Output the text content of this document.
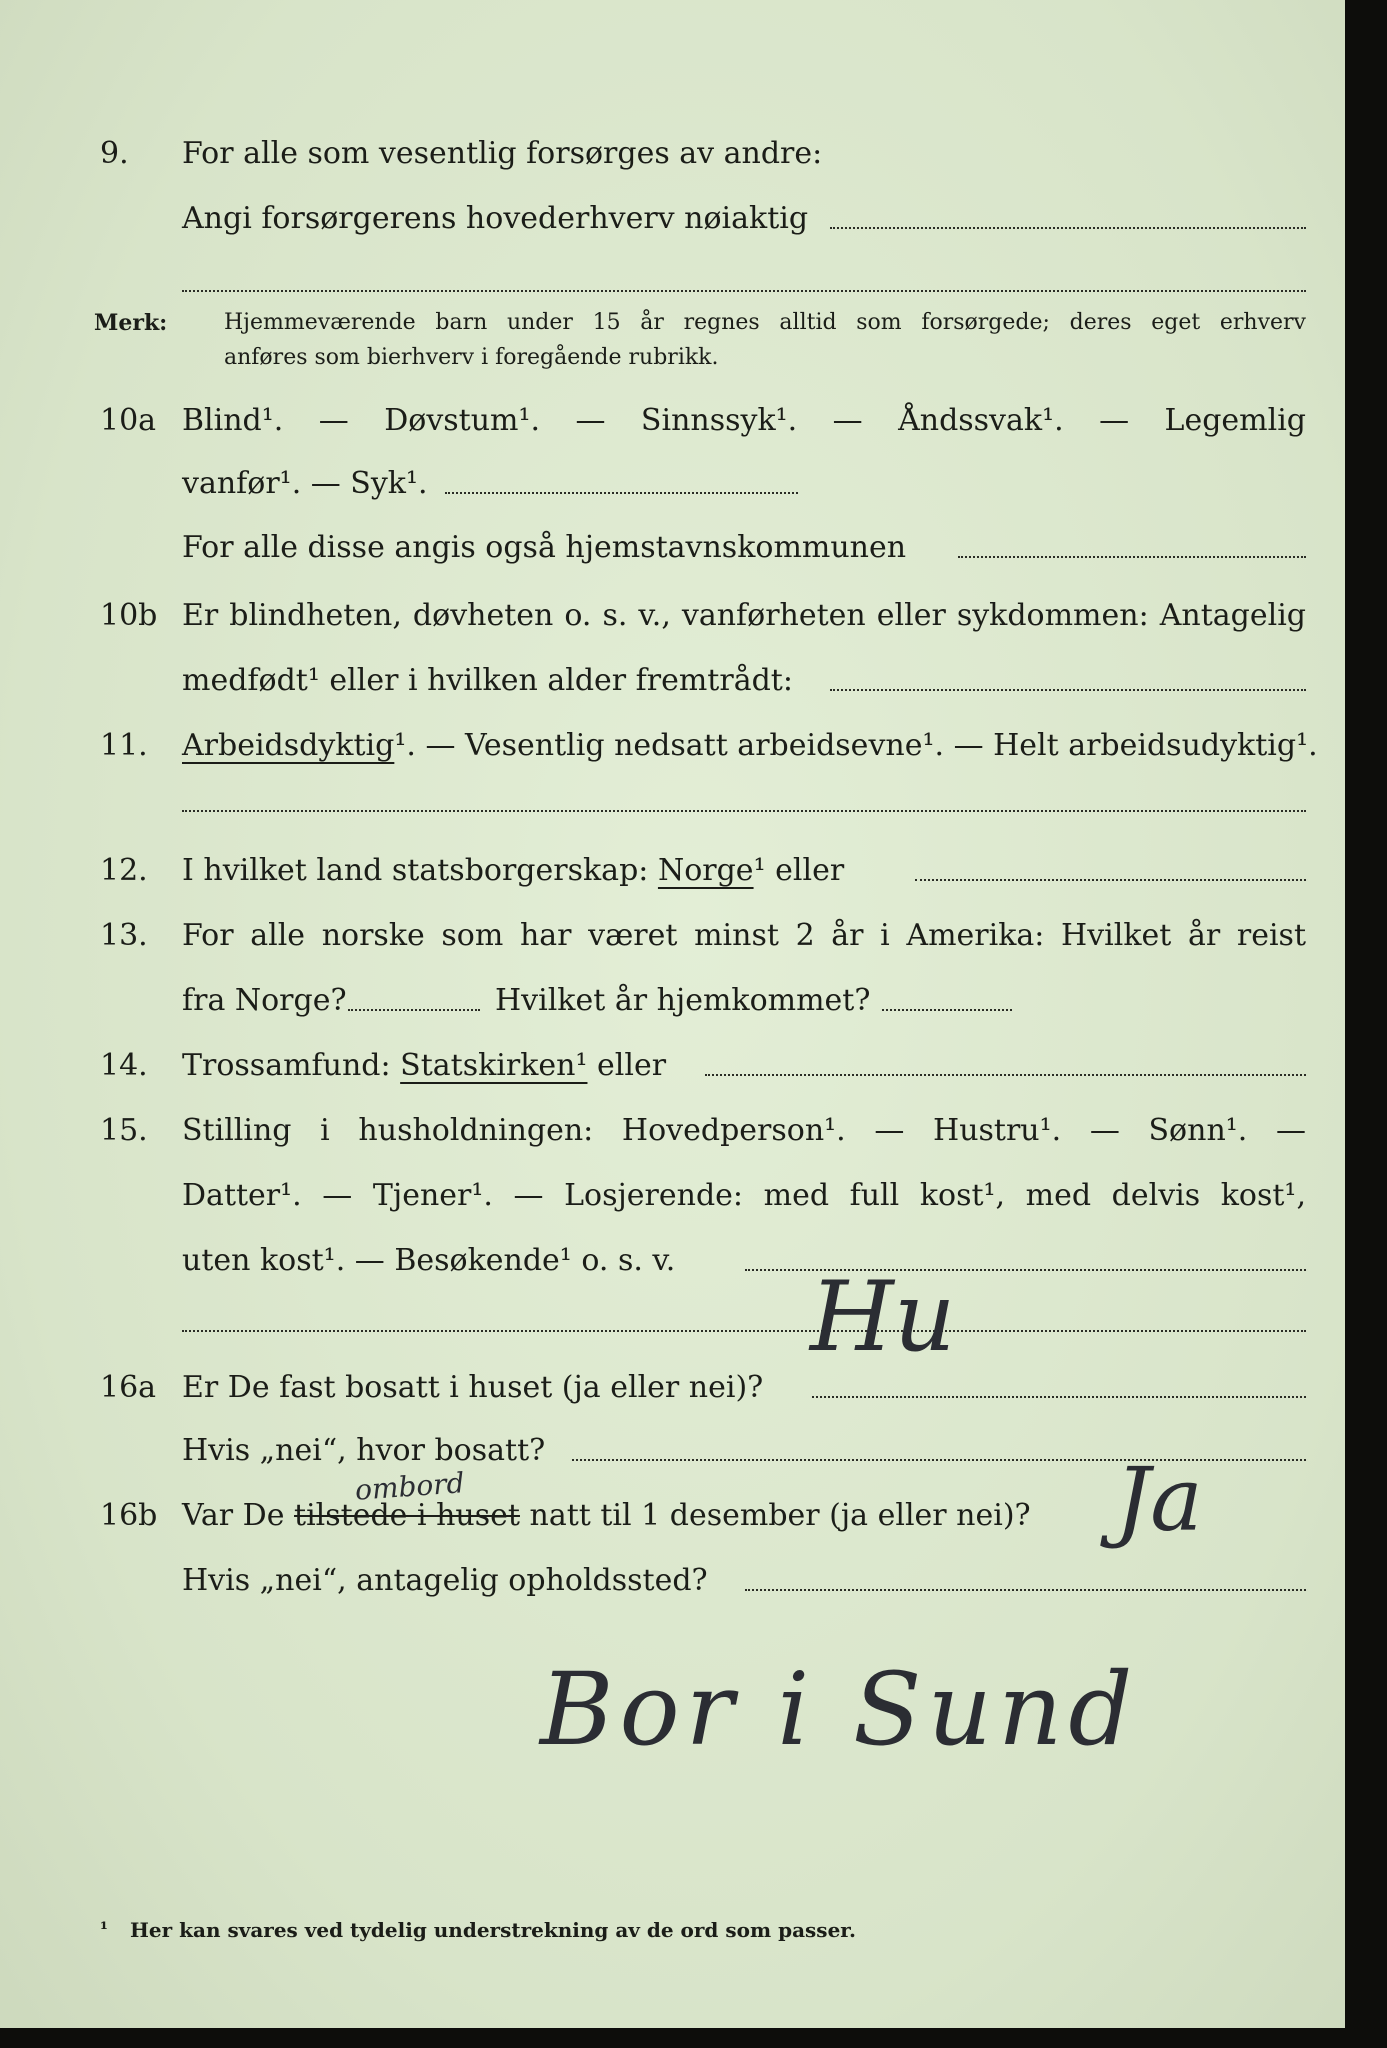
9. For alle som vesentlig forsørges av andre:
Angi forsørgerens hovederhverv nøiaktig
Merk:	Hjemmeværende barn under 15 år regnes alltid som forsørgede; deres eget erhverv
anføres som bierhverv i foregående rubrikk.
10a Blind¹. — Døvstum¹. — Sinnssyk¹. — Åndssvak¹. — Legemlig
vanfør¹. — Syk¹.
For alle disse angis også hjemstavnskommunen
10b Er blindheten, døvheten o. s. v., vanførheten eller sykdommen: Antagelig
medfødt¹ eller i hvilken alder fremtrådt:
11. Arbeidsdyktig¹. — Vesentlig nedsatt arbeidsevne¹. — Helt arbeidsudyktig¹.
12. I hvilket land statsborgerskap: Norge¹ eller
13. For alle norske som har været minst 2 år i Amerika: Hvilket år reist
fra Norge?	Hvilket år hjemkommet?
14. Trossamfund: Statskirken¹ eller
15. Stilling i husholdningen: Hovedperson¹. — Hustru¹. — Sønn¹. —
Datter¹. — Tjener¹. — Losjerende: med full kost¹, med delvis kost¹,
uten kost¹. — Besøkende¹ o. s. v.
Hu
16a Er De fast bosatt i huset (ja eller nei)?
Hvis „nei“, hvor bosatt?
ombord
16b Var De tilstede i huset natt til 1 desember (ja eller nei)? Ja
Hvis „nei“, antagelig opholdssted?
Bor i Sund
¹ Her kan svares ved tydelig understrekning av de ord som passer.
